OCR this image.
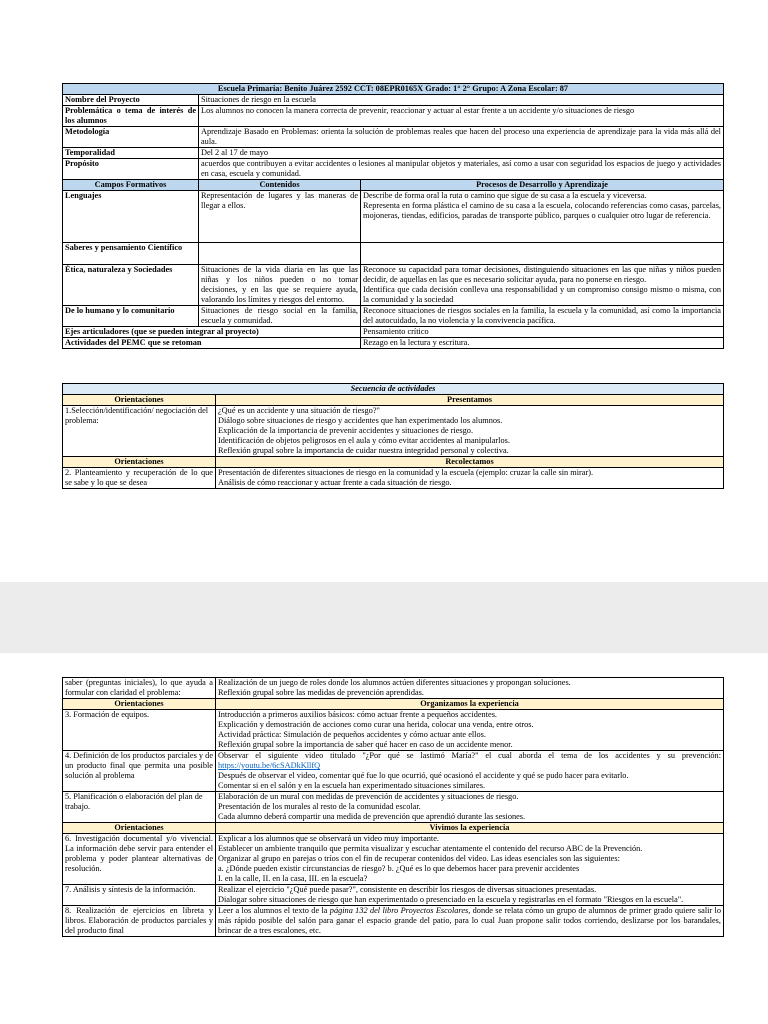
Escuela Primaria: Benito Juárez 2592 CCT: 08EPR0165X Grado: 1° 2° Grupo: A Zona Escolar: 87		
Nombre del Proyecto	Situaciones de riesgo en la escuela	
Problemática o tema de interés de los alumnos	Los alumnos no conocen la manera correcta de prevenir, reaccionar y actuar al estar frente a un accidente y/o situaciones de riesgo	
Metodología	Aprendizaje Basado en Problemas: orienta la solución de problemas reales que hacen del proceso una experiencia de aprendizaje para la vida más allá del aula.	
Temporalidad	Del 2 al 17 de mayo	
Propósito	acuerdos que contribuyen a evitar accidentes o lesiones al manipular objetos y materiales, así como a usar con seguridad los espacios de juego y actividades en casa, escuela y comunidad.	
Campos Formativos	Contenidos	Procesos de Desarrollo y Aprendizaje
Lenguajes	Representación de lugares y las maneras de llegar a ellos.	Describe de forma oral la ruta o camino que sigue de su casa a la escuela y viceversa.
Representa en forma plástica el camino de su casa a la escuela, colocando referencias como casas, parcelas, mojoneras, tiendas, edificios, paradas de transporte público, parques o cualquier otro lugar de referencia.

Saberes y pensamiento Científico		
Ética, naturaleza y Sociedades	Situaciones de la vida diaria en las que las niñas y los niños pueden o no tomar decisiones, y en las que se requiere ayuda, valorando los límites y riesgos del entorno.	Reconoce su capacidad para tomar decisiones, distinguiendo situaciones en las que niñas y niños pueden decidir, de aquellas en las que es necesario solicitar ayuda, para no ponerse en riesgo.
Identifica que cada decisión conlleva una responsabilidad y un compromiso consigo mismo o misma, con la comunidad y la sociedad

De lo humano y lo comunitario	Situaciones de riesgo social en la familia, escuela y comunidad.	Reconoce situaciones de riesgos sociales en la familia, la escuela y la comunidad, así como la importancia del autocuidado, la no violencia y la convivencia pacífica.
Ejes articuladores (que se pueden integrar al proyecto)		Pensamiento crítico
Actividades del PEMC que se retoman		Rezago en la lectura y escritura.
Secuencia de actividades	
Orientaciones	Presentamos
1.Selección/identificación/ negociación del problema:	¿Qué es un accidente y una situación de riesgo?"
Diálogo sobre situaciones de riesgo y accidentes que han experimentado los alumnos.
Explicación de la importancia de prevenir accidentes y situaciones de riesgo.
Identificación de objetos peligrosos en el aula y cómo evitar accidentes al manipularlos.
Reflexión grupal sobre la importancia de cuidar nuestra integridad personal y colectiva.

Orientaciones	Recolectamos
2. Planteamiento y recuperación de lo que se sabe y lo que se desea	Presentación de diferentes situaciones de riesgo en la comunidad y la escuela (ejemplo: cruzar la calle sin mirar).
Análisis de cómo reaccionar y actuar frente a cada situación de riesgo.
saber (preguntas iniciales), lo que ayuda a formular con claridad el problema:	Realización de un juego de roles donde los alumnos actúen diferentes situaciones y propongan soluciones.
Reflexión grupal sobre las medidas de prevención aprendidas.

Orientaciones	Organizamos la experiencia
3. Formación de equipos.	Introducción a primeros auxilios básicos: cómo actuar frente a pequeños accidentes.
Explicación y demostración de acciones como curar una herida, colocar una venda, entre otros.
Actividad práctica: Simulación de pequeños accidentes y cómo actuar ante ellos.
Reflexión grupal sobre la importancia de saber qué hacer en caso de un accidente menor.

4. Definición de los productos parciales y de un producto final que permita una posible solución al problema	Observar el siguiente video titulado "¿Por qué se lastimó María?" el cual aborda el tema de los accidentes y su prevención: https://youtu.be/6cSADkKllfQ
Después de observar el video, comentar qué fue lo que ocurrió, qué ocasionó el accidente y qué se pudo hacer para evitarlo.
Comentar si en el salón y en la escuela han experimentado situaciones similares.

5. Planificación o elaboración del plan de trabajo.	Elaboración de un mural con medidas de prevención de accidentes y situaciones de riesgo.
Presentación de los murales al resto de la comunidad escolar.
Cada alumno deberá compartir una medida de prevención que aprendió durante las sesiones.

Orientaciones	Vivimos la experiencia
6. Investigación documental y/o vivencial. La información debe servir para entender el problema y poder plantear alternativas de resolución.	Explicar a los alumnos que se observará un video muy importante.
Establecer un ambiente tranquilo que permita visualizar y escuchar atentamente el contenido del recurso ABC de la Prevención.
Organizar al grupo en parejas o tríos con el fin de recuperar contenidos del video. Las ideas esenciales son las siguientes:
a. ¿Dónde pueden existir circunstancias de riesgo? b. ¿Qué es lo que debemos hacer para prevenir accidentes
I. en la calle, II. en la casa, III. en la escuela?

7. Análisis y síntesis de la información.	Realizar el ejercicio "¿Qué puede pasar?", consistente en describir los riesgos de diversas situaciones presentadas.
Dialogar sobre situaciones de riesgo que han experimentado o presenciado en la escuela y registrarlas en el formato "Riesgos en la escuela".

8. Realización de ejercicios en libreta y libros. Elaboración de productos parciales y del producto final	Leer a los alumnos el texto de la página 132 del libro Proyectos Escolares, donde se relata cómo un grupo de alumnos de primer grado quiere salir lo más rápido posible del salón para ganar el espacio grande del patio, para lo cual Juan propone salir todos corriendo, deslizarse por los barandales, brincar de a tres escalones, etc.
